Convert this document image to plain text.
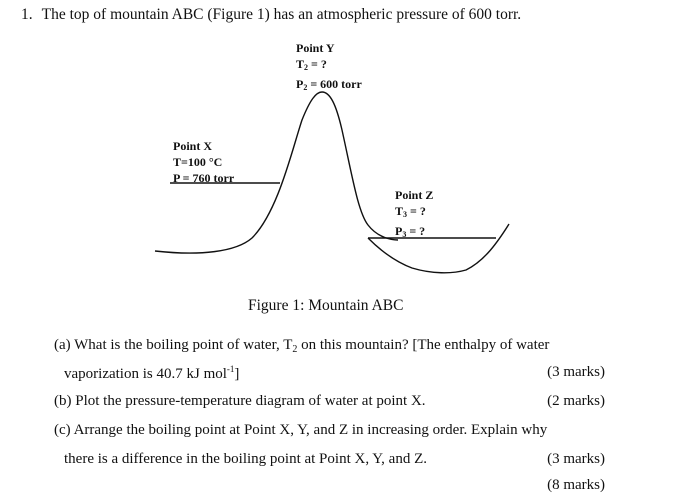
1. The top of mountain ABC (Figure 1) has an atmospheric pressure of 600 torr.
Point Y
$T_2$ = ?
$P_2 = 600$ torr
Point X
T=100 °C
P = 760 torr
Point Z
$T_3$ = ?
$P_3$ = ?
Figure 1: Mountain ABC
(a) What is the boiling point of water, $T_2$ on this mountain? [The enthalpy of water
vaporization is 40.7 kJ mol$^{-1}$]	(3 marks)
(b) Plot the pressure-temperature diagram of water at point X.	(2 marks)
(c) Arrange the boiling point at Point X, Y, and Z in increasing order. Explain why
there is a difference in the boiling point at Point X, Y, and Z.	(3 marks)
(8 marks)
